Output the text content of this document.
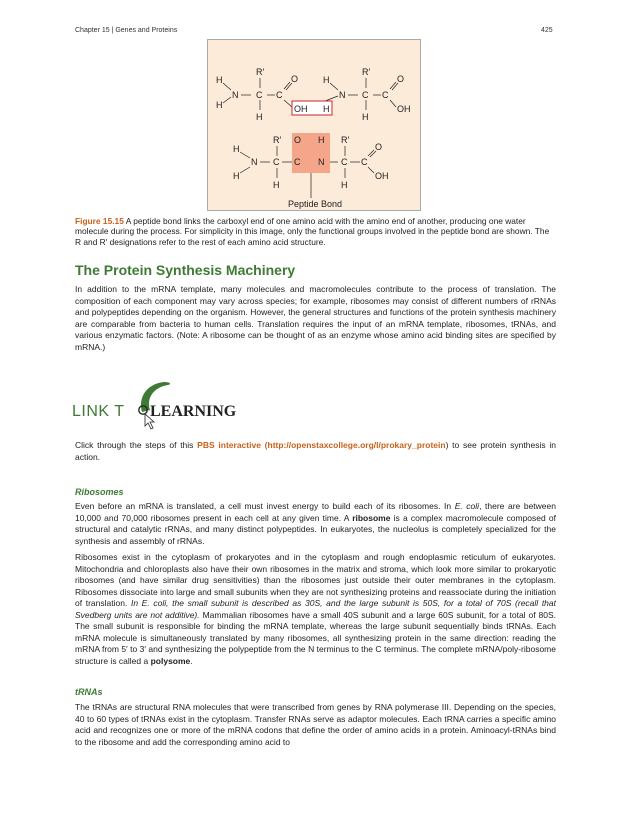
Chapter 15 | Genes and Proteins	425
H
H
N
R′
C
H
C
O
OH H
H
N
R′
C
H
C
O
OH
H
H
N
R′
C
H
O
C
H
N
R′
C
H
C
O
OH
Peptide Bond
Figure 15.15 A peptide bond links the carboxyl end of one amino acid with the amino end of another, producing one water molecule during the process. For simplicity in this image, only the functional groups involved in the peptide bond are shown. The R and R′ designations refer to the rest of each amino acid structure.
The Protein Synthesis Machinery

In addition to the mRNA template, many molecules and macromolecules contribute to the process of translation. The composition of each component may vary across species; for example, ribosomes may consist of different numbers of rRNAs and polypeptides depending on the organism. However, the general structures and functions of the protein synthesis machinery are comparable from bacteria to human cells. Translation requires the input of an mRNA template, ribosomes, tRNAs, and various enzymatic factors. (Note: A ribosome can be thought of as an enzyme whose amino acid binding sites are specified by mRNA.)

LINK T LEARNING

Click through the steps of this PBS interactive (http://openstaxcollege.org/l/prokary_protein) to see protein synthesis in action.

Ribosomes

Even before an mRNA is translated, a cell must invest energy to build each of its ribosomes. In E. coli, there are between 10,000 and 70,000 ribosomes present in each cell at any given time. A ribosome is a complex macromolecule composed of structural and catalytic rRNAs, and many distinct polypeptides. In eukaryotes, the nucleolus is completely specialized for the synthesis and assembly of rRNAs.

Ribosomes exist in the cytoplasm of prokaryotes and in the cytoplasm and rough endoplasmic reticulum of eukaryotes. Mitochondria and chloroplasts also have their own ribosomes in the matrix and stroma, which look more similar to prokaryotic ribosomes (and have similar drug sensitivities) than the ribosomes just outside their outer membranes in the cytoplasm. Ribosomes dissociate into large and small subunits when they are not synthesizing proteins and reassociate during the initiation of translation. In E. coli, the small subunit is described as 30S, and the large subunit is 50S, for a total of 70S (recall that Svedberg units are not additive). Mammalian ribosomes have a small 40S subunit and a large 60S subunit, for a total of 80S. The small subunit is responsible for binding the mRNA template, whereas the large subunit sequentially binds tRNAs. Each mRNA molecule is simultaneously translated by many ribosomes, all synthesizing protein in the same direction: reading the mRNA from 5′ to 3′ and synthesizing the polypeptide from the N terminus to the C terminus. The complete mRNA/poly-ribosome structure is called a polysome.

tRNAs

The tRNAs are structural RNA molecules that were transcribed from genes by RNA polymerase III. Depending on the species, 40 to 60 types of tRNAs exist in the cytoplasm. Transfer RNAs serve as adaptor molecules. Each tRNA carries a specific amino acid and recognizes one or more of the mRNA codons that define the order of amino acids in a protein. Aminoacyl-tRNAs bind to the ribosome and add the corresponding amino acid to
